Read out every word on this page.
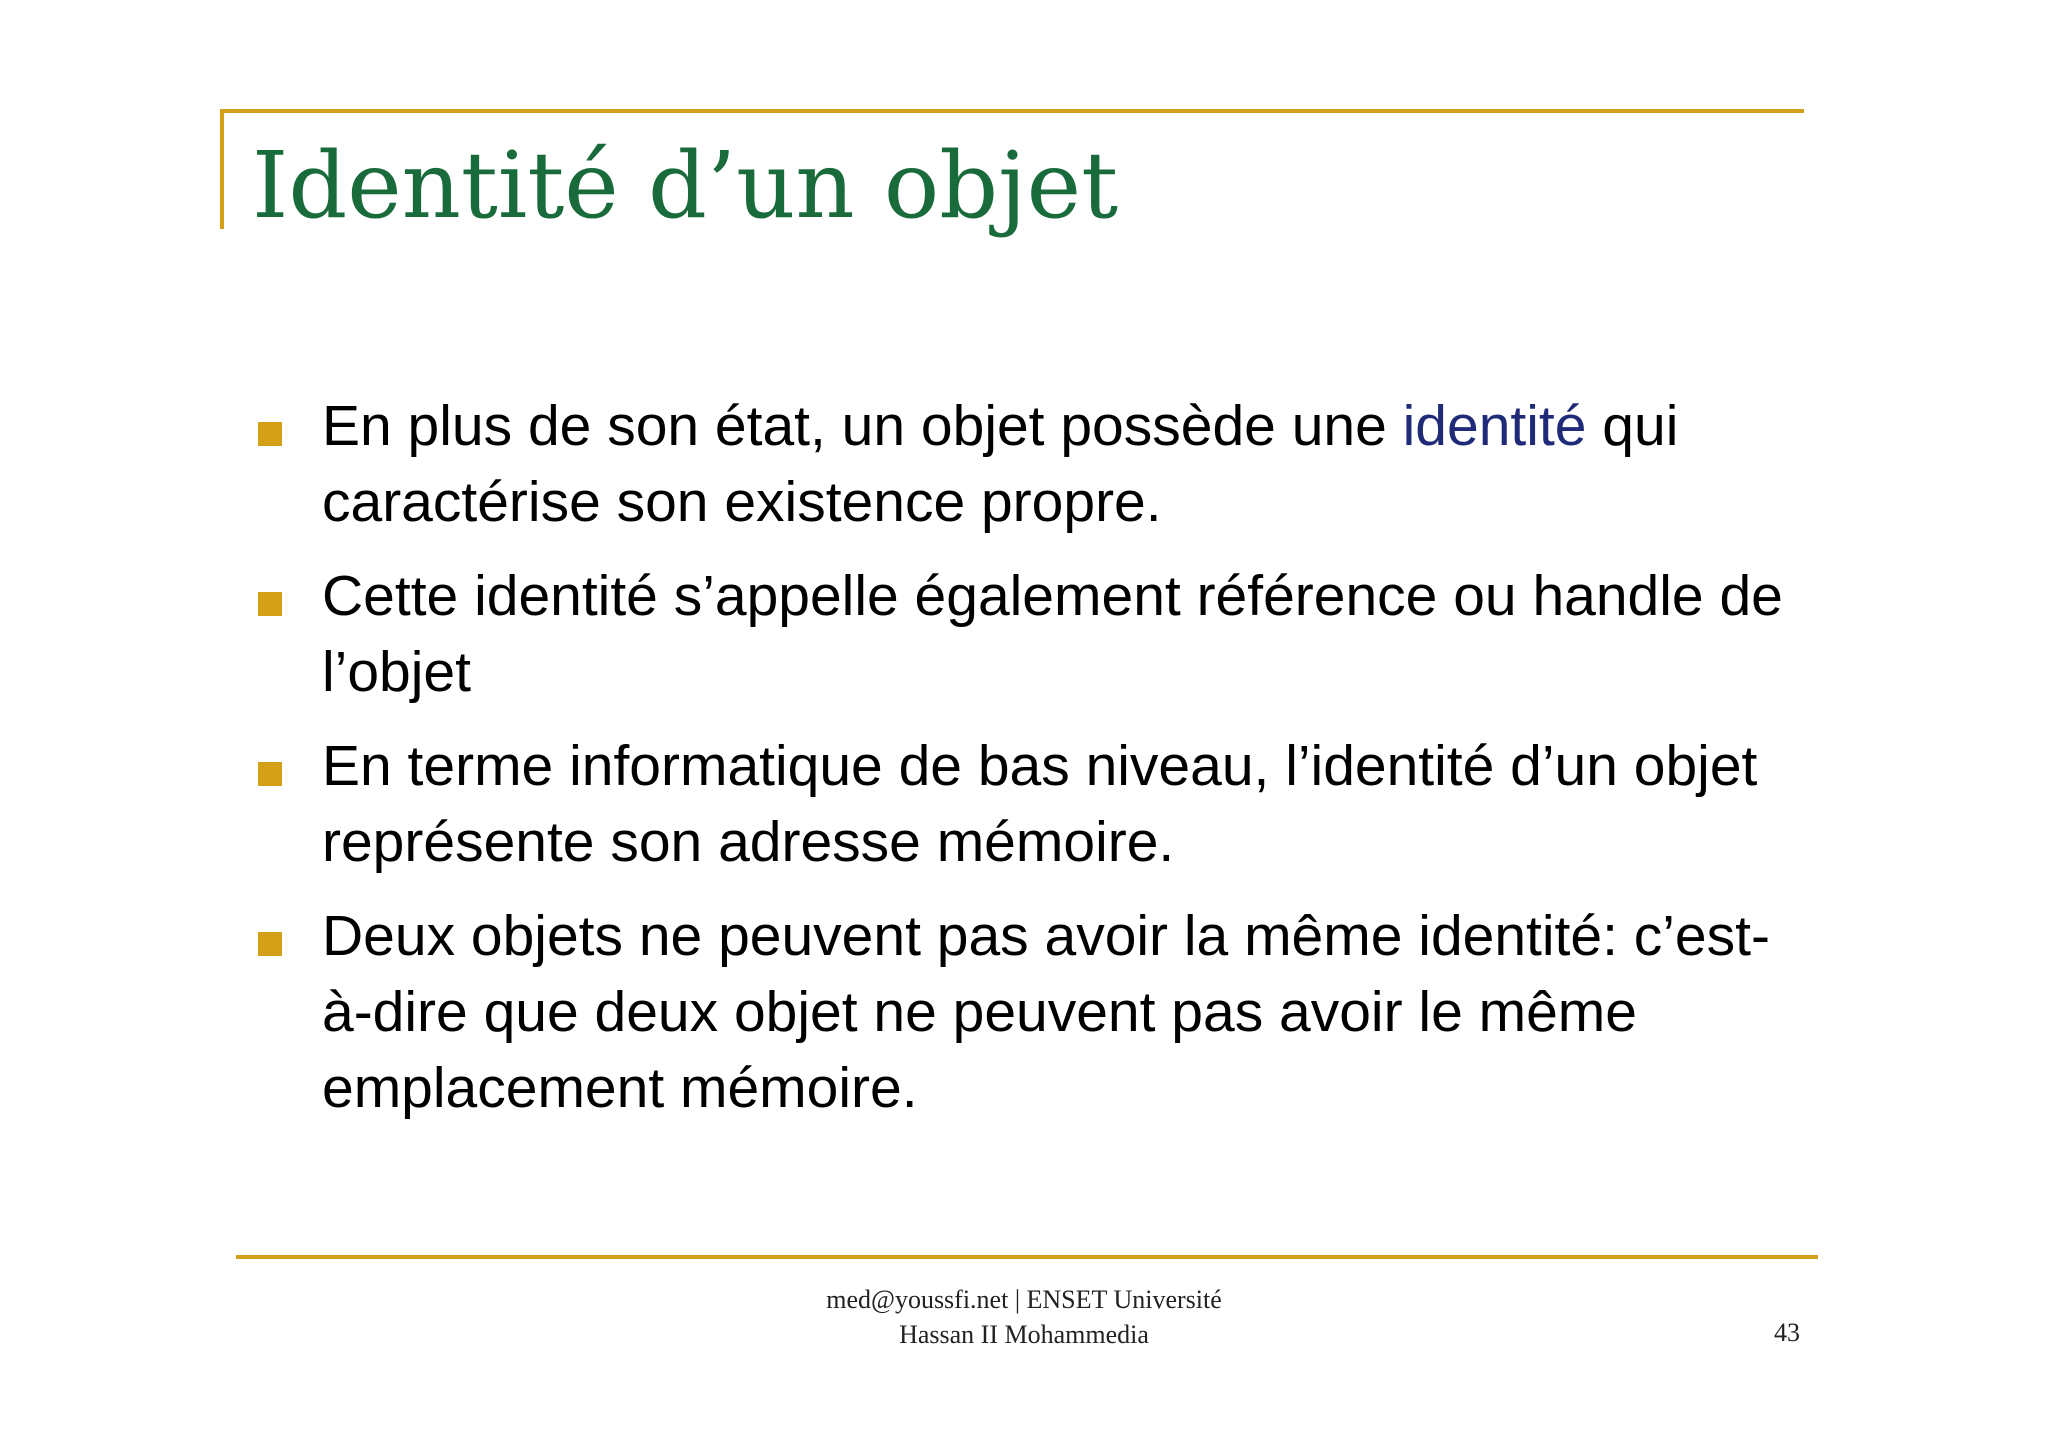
Identité d’un objet
En plus de son état, un objet possède une identité qui caractérise son existence propre.
Cette identité s’appelle également référence ou handle de l’objet
En terme informatique de bas niveau, l’identité d’un objet représente son adresse mémoire.
Deux objets ne peuvent pas avoir la même identité: c’est-à-dire que deux objet ne peuvent pas avoir le même emplacement mémoire.
med@youssfi.net | ENSET Université
Hassan II Mohammedia	43
